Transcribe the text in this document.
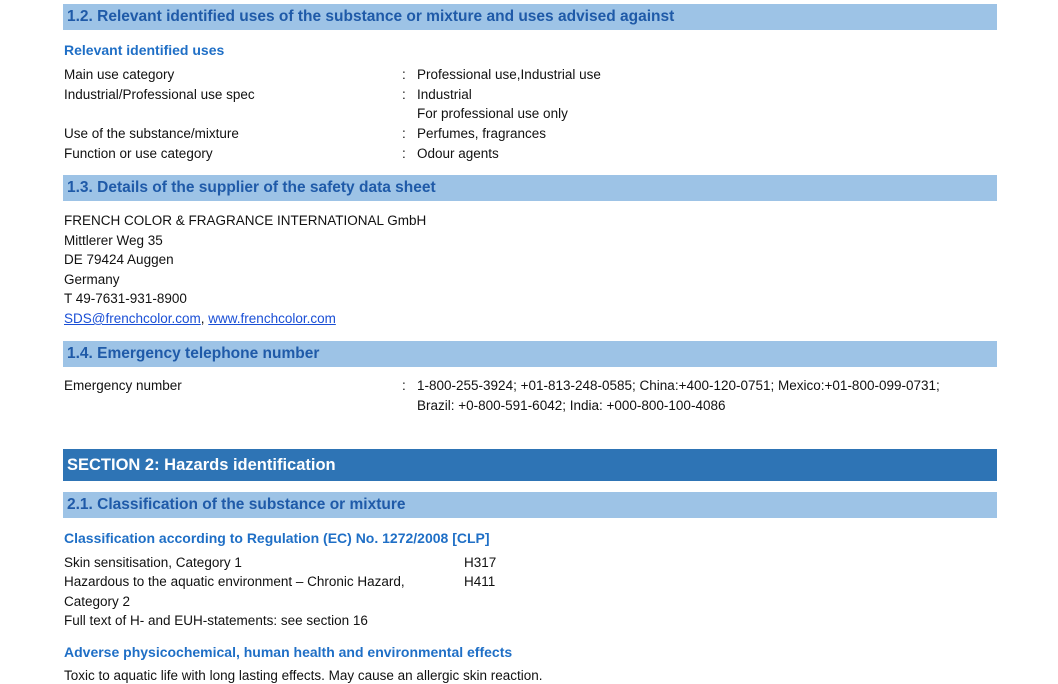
1.2. Relevant identified uses of the substance or mixture and uses advised against
Relevant identified uses
Main use category	: Professional use,Industrial use
Industrial/Professional use spec	: Industrial
For professional use only
Use of the substance/mixture	: Perfumes, fragrances
Function or use category	: Odour agents
1.3. Details of the supplier of the safety data sheet
FRENCH COLOR & FRAGRANCE INTERNATIONAL GmbH
Mittlerer Weg 35
DE 79424 Auggen
Germany
T 49-7631-931-8900
SDS@frenchcolor.com, www.frenchcolor.com
1.4. Emergency telephone number
Emergency number	: 1-800-255-3924; +01-813-248-0585; China:+400-120-0751; Mexico:+01-800-099-0731;
Brazil: +0-800-591-6042; India: +000-800-100-4086
SECTION 2: Hazards identification
2.1. Classification of the substance or mixture
Classification according to Regulation (EC) No. 1272/2008 [CLP]
Skin sensitisation, Category 1	H317
Hazardous to the aquatic environment – Chronic Hazard,	H411
Category 2
Full text of H- and EUH-statements: see section 16
Adverse physicochemical, human health and environmental effects
Toxic to aquatic life with long lasting effects. May cause an allergic skin reaction.
